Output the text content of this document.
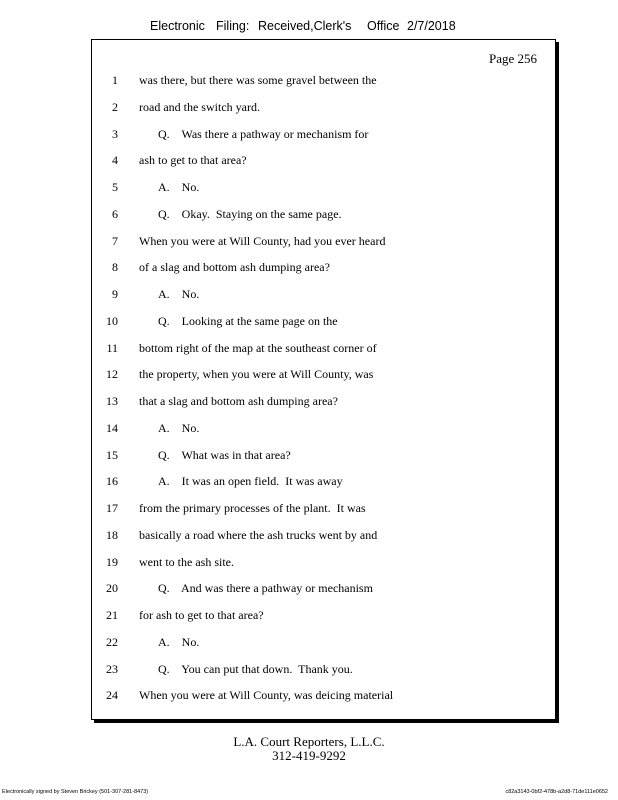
Electronic Filing: Received,Clerk's Office 2/7/2018
Page 256
1 was there, but there was some gravel between the
2 road and the switch yard.
3	Q.    Was there a pathway or mechanism for
4 ash to get to that area?
5	A.    No.
6	Q.    Okay.  Staying on the same page.
7 When you were at Will County, had you ever heard
8 of a slag and bottom ash dumping area?
9	A.    No.
10	Q.    Looking at the same page on the
11 bottom right of the map at the southeast corner of
12 the property, when you were at Will County, was
13 that a slag and bottom ash dumping area?
14	A.    No.
15	Q.    What was in that area?
16	A.    It was an open field.  It was away
17 from the primary processes of the plant.  It was
18 basically a road where the ash trucks went by and
19 went to the ash site.
20	Q.    And was there a pathway or mechanism
21 for ash to get to that area?
22	A.    No.
23	Q.    You can put that down.  Thank you.
24 When you were at Will County, was deicing material
L.A. Court Reporters, L.L.C.
312-419-9292
Electronically signed by Steven Brickey (501-307-281-8473)	c82a3143-0bf2-478b-a2d8-71de111e0652
